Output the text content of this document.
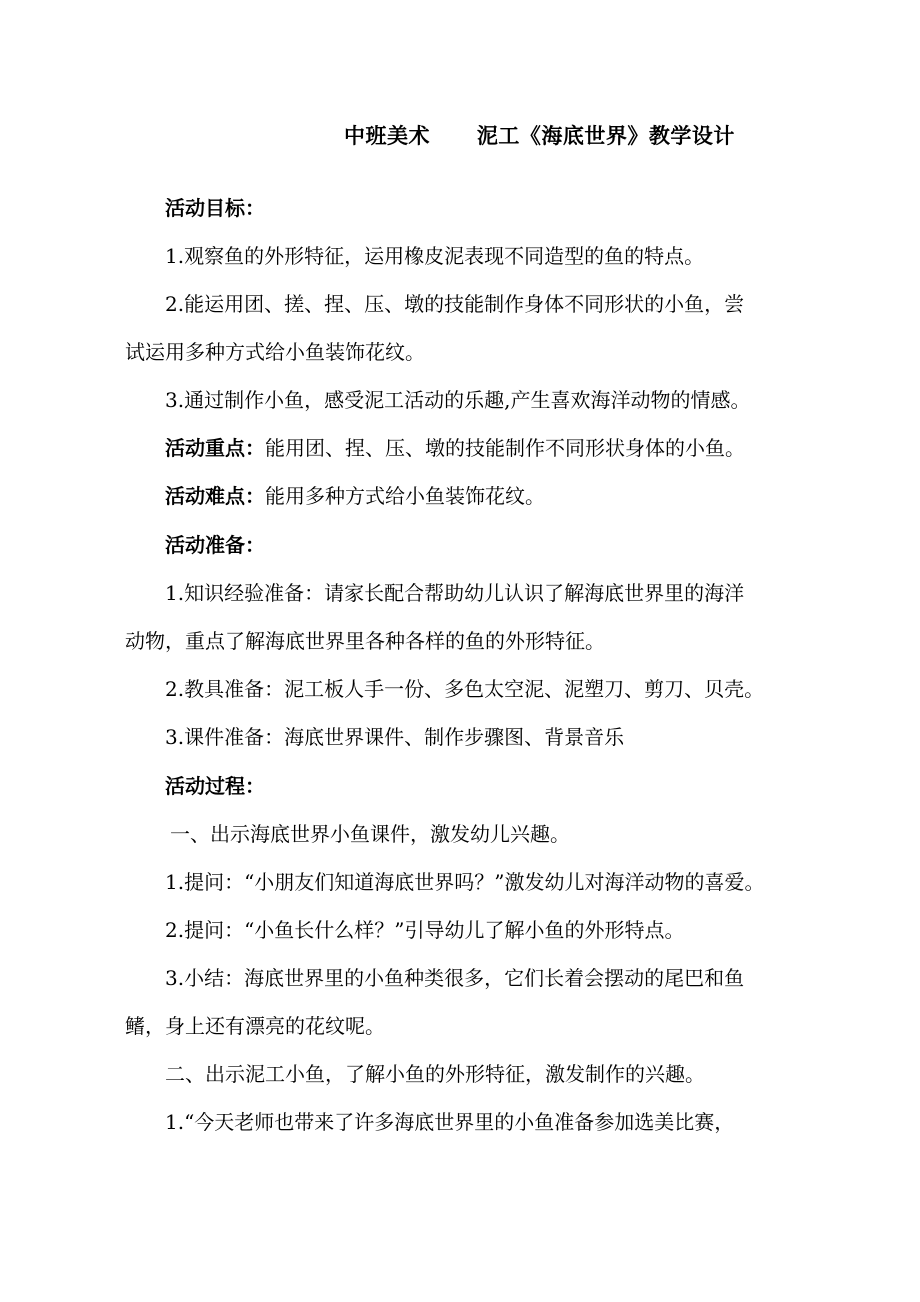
中班美术      泥工《海底世界》教学设计
活动目标：
1.观察鱼的外形特征，运用橡皮泥表现不同造型的鱼的特点。
2.能运用团、搓、捏、压、墩的技能制作身体不同形状的小鱼，尝
试运用多种方式给小鱼装饰花纹。
3.通过制作小鱼，感受泥工活动的乐趣,产生喜欢海洋动物的情感。
活动重点：能用团、捏、压、墩的技能制作不同形状身体的小鱼。
活动难点：能用多种方式给小鱼装饰花纹。
活动准备：
1.知识经验准备：请家长配合帮助幼儿认识了解海底世界里的海洋
动物，重点了解海底世界里各种各样的鱼的外形特征。
2.教具准备：泥工板人手一份、多色太空泥、泥塑刀、剪刀、贝壳。
3.课件准备：海底世界课件、制作步骤图、背景音乐
活动过程：
一、出示海底世界小鱼课件，激发幼儿兴趣。
1.提问：“小朋友们知道海底世界吗？”激发幼儿对海洋动物的喜爱。
2.提问：“小鱼长什么样？”引导幼儿了解小鱼的外形特点。
3.小结：海底世界里的小鱼种类很多，它们长着会摆动的尾巴和鱼
鳍，身上还有漂亮的花纹呢。
二、出示泥工小鱼，了解小鱼的外形特征，激发制作的兴趣。
1.“今天老师也带来了许多海底世界里的小鱼准备参加选美比赛，
